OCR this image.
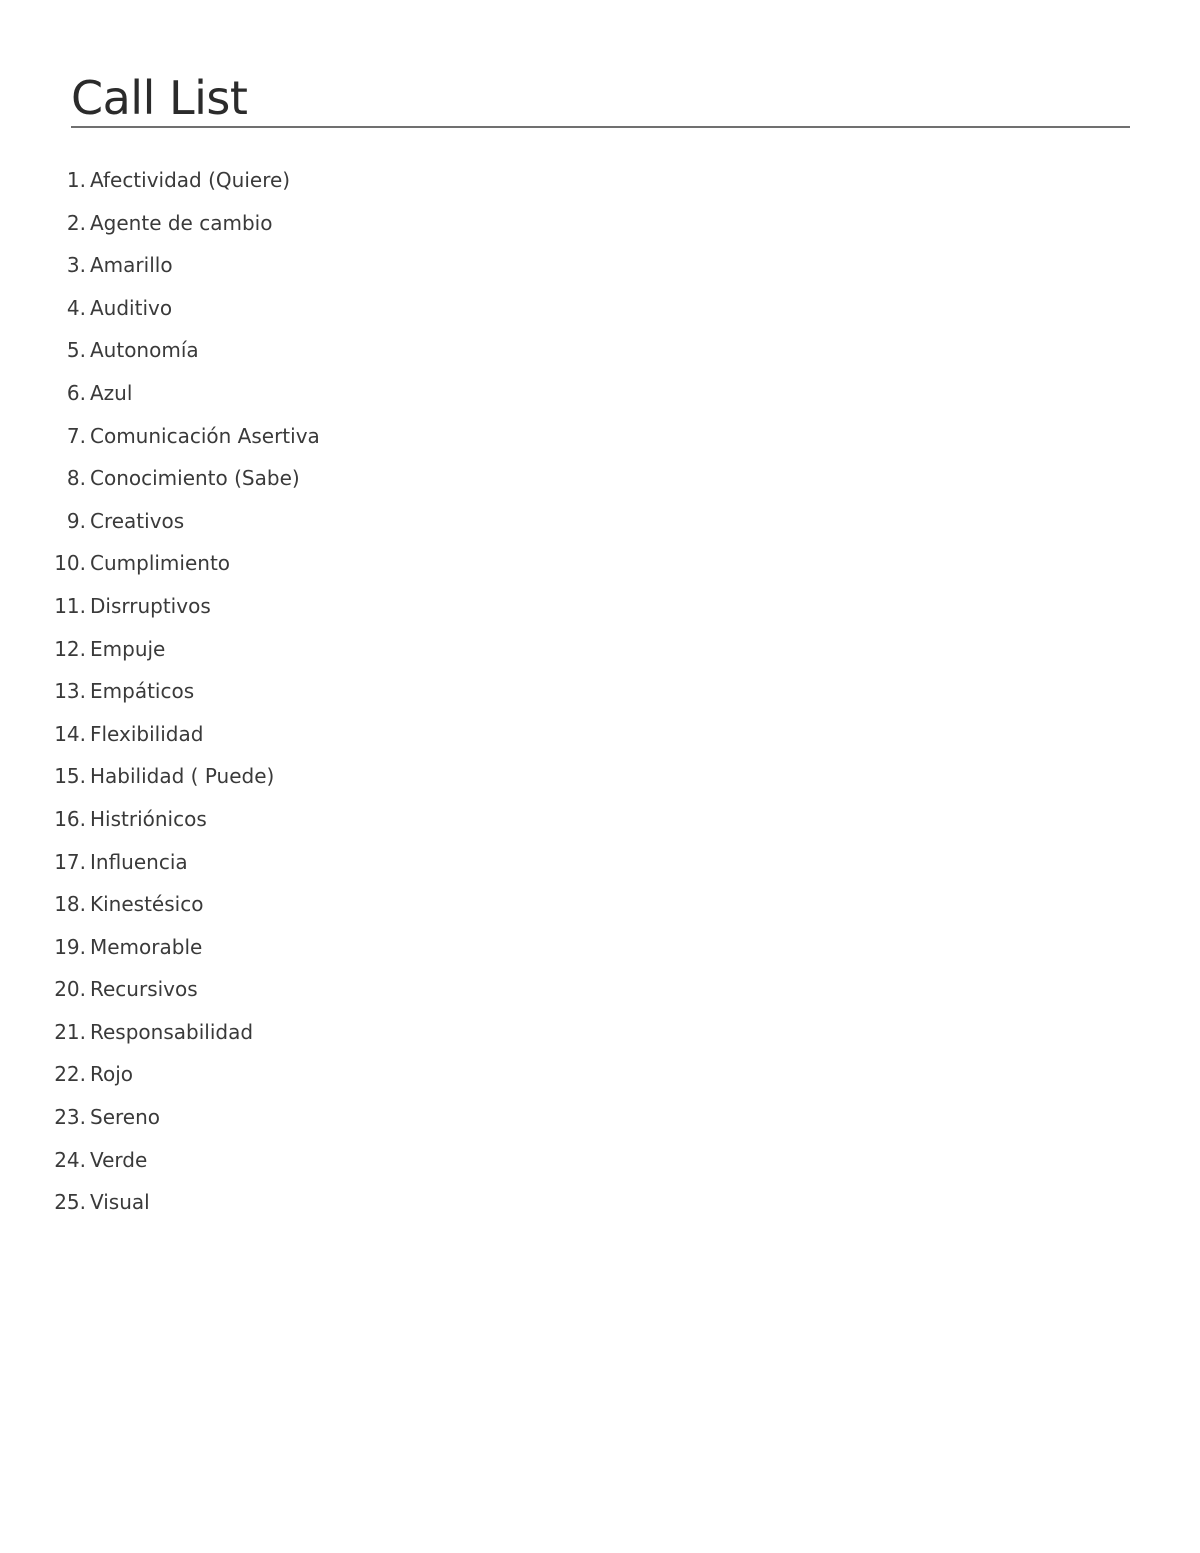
Call List
1. Afectividad (Quiere)
2. Agente de cambio
3. Amarillo
4. Auditivo
5. Autonomía
6. Azul
7. Comunicación Asertiva
8. Conocimiento (Sabe)
9. Creativos
10. Cumplimiento
11. Disrruptivos
12. Empuje
13. Empáticos
14. Flexibilidad
15. Habilidad ( Puede)
16. Histriónicos
17. Influencia
18. Kinestésico
19. Memorable
20. Recursivos
21. Responsabilidad
22. Rojo
23. Sereno
24. Verde
25. Visual
